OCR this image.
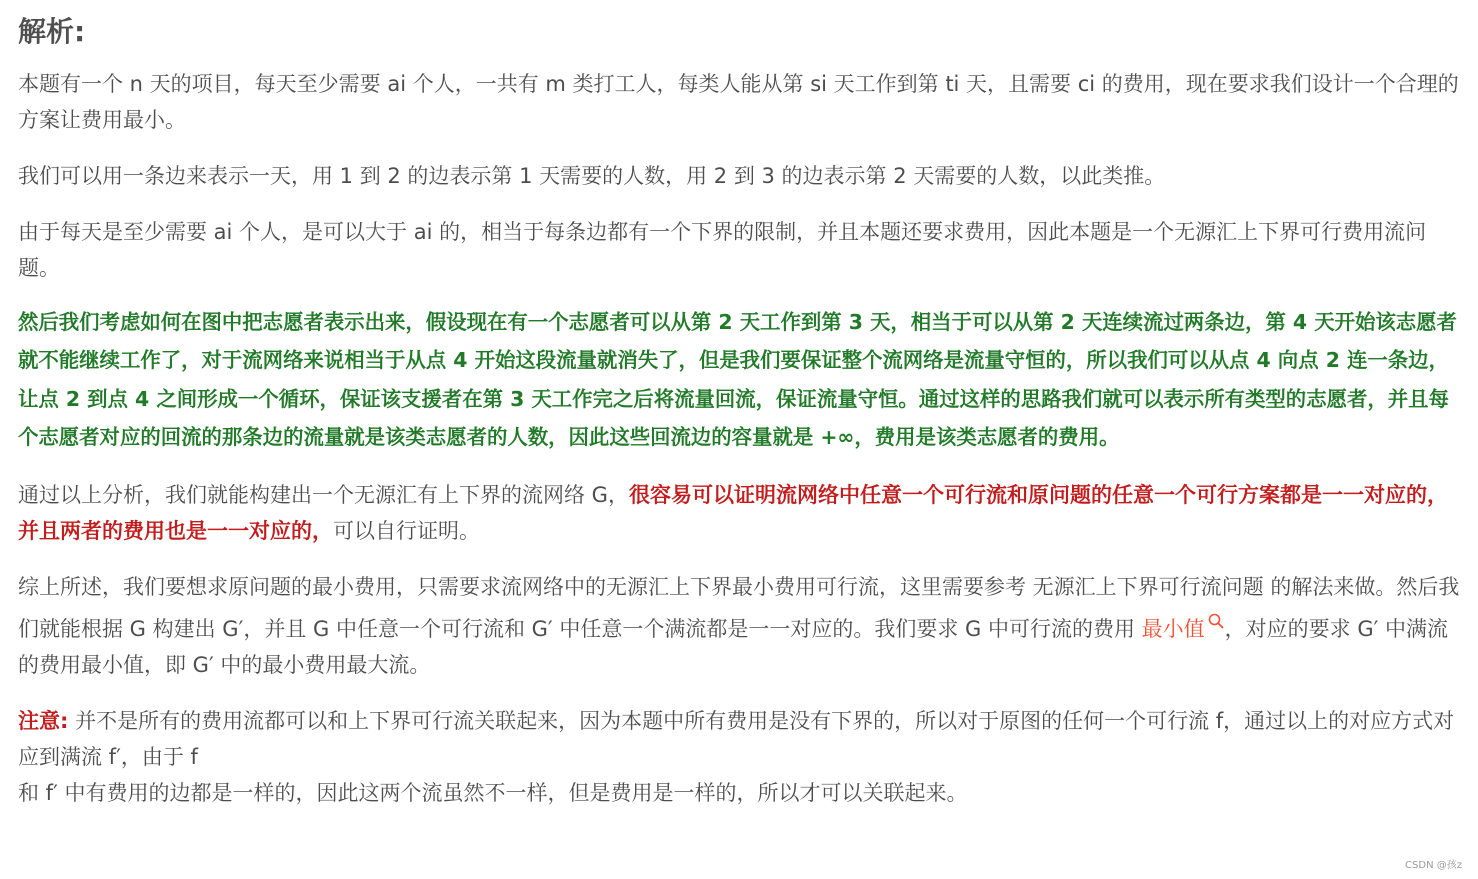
解析:

本题有一个 n 天的项目，每天至少需要 ai 个人，一共有 m 类打工人，每类人能从第 si 天工作到第 ti 天，且需要 ci 的费用，现在要求我们设计一个合理的方案让费用最小。

我们可以用一条边来表示一天，用 1 到 2 的边表示第 1 天需要的人数，用 2 到 3 的边表示第 2 天需要的人数，以此类推。

由于每天是至少需要 ai 个人，是可以大于 ai 的，相当于每条边都有一个下界的限制，并且本题还要求费用，因此本题是一个无源汇上下界可行费用流问题。

然后我们考虑如何在图中把志愿者表示出来，假设现在有一个志愿者可以从第 2 天工作到第 3 天，相当于可以从第 2 天连续流过两条边，第 4 天开始该志愿者就不能继续工作了，对于流网络来说相当于从点 4 开始这段流量就消失了，但是我们要保证整个流网络是流量守恒的，所以我们可以从点 4 向点 2 连一条边，让点 2 到点 4 之间形成一个循环，保证该支援者在第 3 天工作完之后将流量回流，保证流量守恒。通过这样的思路我们就可以表示所有类型的志愿者，并且每个志愿者对应的回流的那条边的流量就是该类志愿者的人数，因此这些回流边的容量就是 +∞，费用是该类志愿者的费用。

通过以上分析，我们就能构建出一个无源汇有上下界的流网络 G，很容易可以证明流网络中任意一个可行流和原问题的任意一个可行方案都是一一对应的，并且两者的费用也是一一对应的，可以自行证明。

综上所述，我们要想求原问题的最小费用，只需要求流网络中的无源汇上下界最小费用可行流，这里需要参考 无源汇上下界可行流问题 的解法来做。然后我们就能根据 G 构建出 G′，并且 G 中任意一个可行流和 G′ 中任意一个满流都是一一对应的。我们要求 G 中可行流的费用 最小值 ，对应的要求 G′ 中满流的费用最小值，即 G′ 中的最小费用最大流。

注意: 并不是所有的费用流都可以和上下界可行流关联起来，因为本题中所有费用是没有下界的，所以对于原图的任何一个可行流 f，通过以上的对应方式对应到满流 f′，由于 f
和 f′ 中有费用的边都是一样的，因此这两个流虽然不一样，但是费用是一样的，所以才可以关联起来。

CSDN @孩z
